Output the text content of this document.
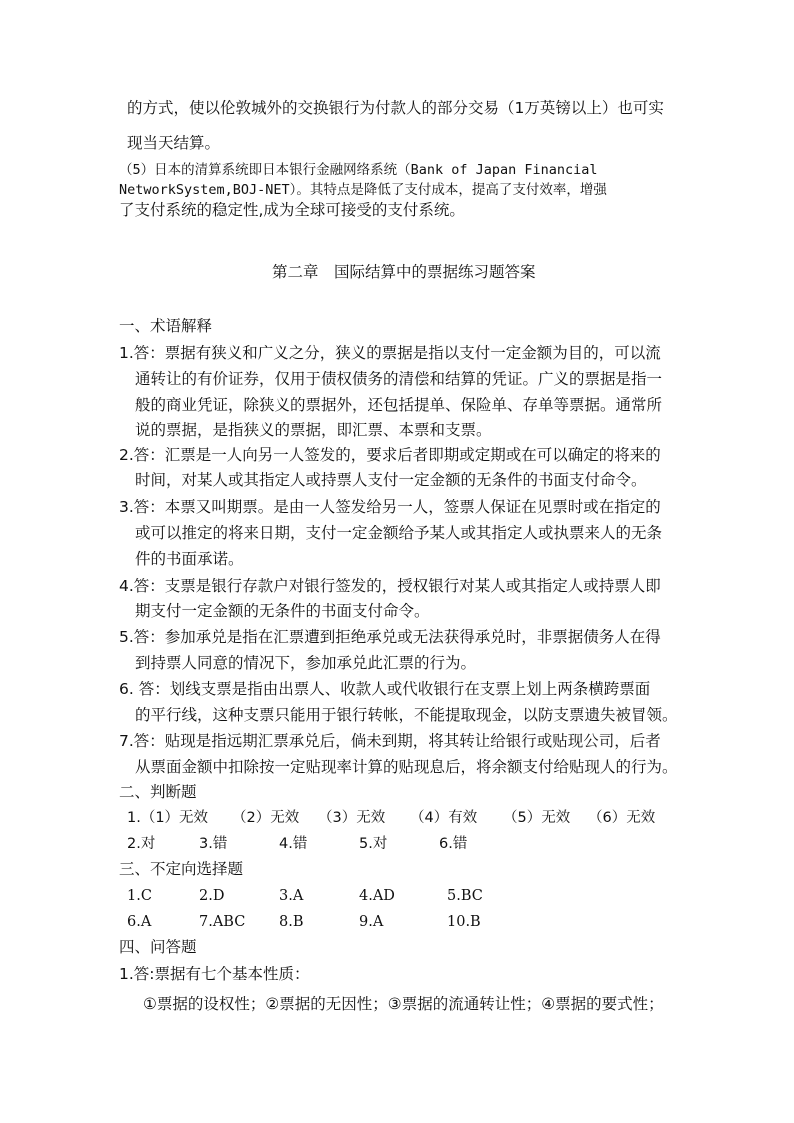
的方式，使以伦敦城外的交换银行为付款人的部分交易（1万英镑以上）也可实
现当天结算。
（5）日本的清算系统即日本银行金融网络系统（Bank of Japan Financial
NetworkSystem,BOJ-NET）。其特点是降低了支付成本，提高了支付效率，增强
了支付系统的稳定性,成为全球可接受的支付系统。
第二章　国际结算中的票据练习题答案
一、术语解释
1.答：票据有狭义和广义之分，狭义的票据是指以支付一定金额为目的，可以流
通转让的有价证券，仅用于债权债务的清偿和结算的凭证。广义的票据是指一
般的商业凭证，除狭义的票据外，还包括提单、保险单、存单等票据。通常所
说的票据，是指狭义的票据，即汇票、本票和支票。
2.答：汇票是一人向另一人签发的，要求后者即期或定期或在可以确定的将来的
时间，对某人或其指定人或持票人支付一定金额的无条件的书面支付命令。
3.答：本票又叫期票。是由一人签发给另一人，签票人保证在见票时或在指定的
或可以推定的将来日期，支付一定金额给予某人或其指定人或执票来人的无条
件的书面承诺。
4.答：支票是银行存款户对银行签发的，授权银行对某人或其指定人或持票人即
期支付一定金额的无条件的书面支付命令。
5.答：参加承兑是指在汇票遭到拒绝承兑或无法获得承兑时，非票据债务人在得
到持票人同意的情况下，参加承兑此汇票的行为。
6. 答：划线支票是指由出票人、收款人或代收银行在支票上划上两条横跨票面
的平行线，这种支票只能用于银行转帐，不能提取现金，以防支票遗失被冒领。
7.答：贴现是指远期汇票承兑后，倘未到期，将其转让给银行或贴现公司，后者
从票面金额中扣除按一定贴现率计算的贴现息后，将余额支付给贴现人的行为。
二、判断题
1.（1）无效 （2）无效 （3）无效 （4）有效 （5）无效 （6）无效
2.对	3.错	4.错	5.对	6.错
三、不定向选择题
1.C	2.D	3.A	4.AD	5.BC
6.A	7.ABC 8.B	9.A	10.B
四、问答题
1.答:票据有七个基本性质：
①票据的设权性；②票据的无因性；③票据的流通转让性；④票据的要式性；
